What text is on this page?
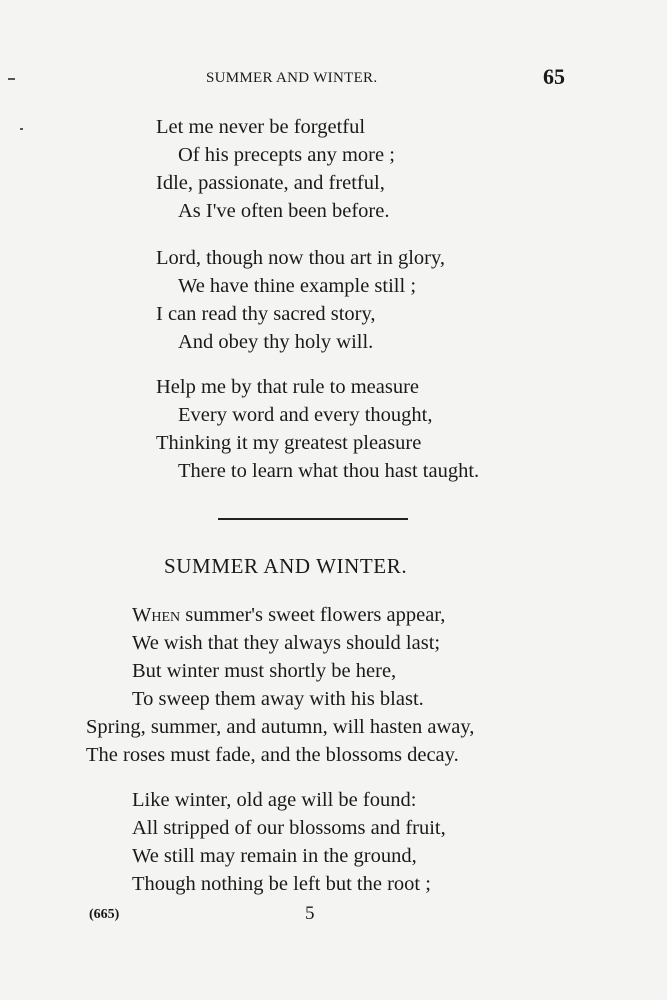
SUMMER AND WINTER.	65
Let me never be forgetful
Of his precepts any more ;
Idle, passionate, and fretful,
As I've often been before.
Lord, though now thou art in glory,
We have thine example still ;
I can read thy sacred story,
And obey thy holy will.
Help me by that rule to measure
Every word and every thought,
Thinking it my greatest pleasure
There to learn what thou hast taught.
SUMMER AND WINTER.
When summer's sweet flowers appear,
We wish that they always should last;
But winter must shortly be here,
To sweep them away with his blast.
Spring, summer, and autumn, will hasten away,
The roses must fade, and the blossoms decay.
Like winter, old age will be found:
All stripped of our blossoms and fruit,
We still may remain in the ground,
Though nothing be left but the root ;
(665)	5
